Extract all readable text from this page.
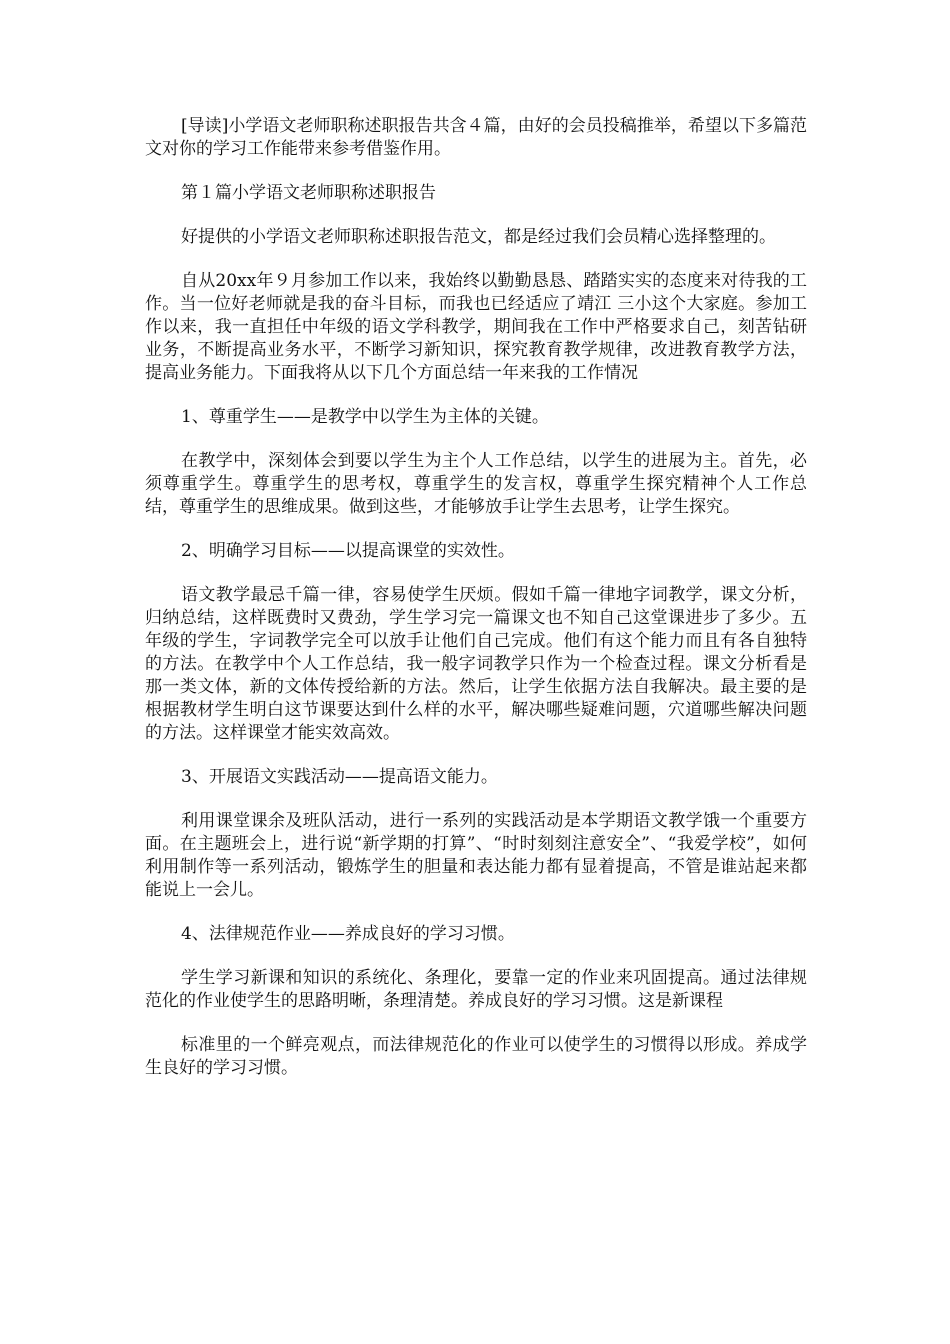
[导读]小学语文老师职称述职报告共含４篇，由好的会员投稿推举，希望以下多篇范文对你的学习工作能带来参考借鉴作用。

第１篇小学语文老师职称述职报告

好提供的小学语文老师职称述职报告范文，都是经过我们会员精心选择整理的。

自从20xx年９月参加工作以来，我始终以勤勤恳恳、踏踏实实的态度来对待我的工作。当一位好老师就是我的奋斗目标，而我也已经适应了靖江 三小这个大家庭。参加工作以来，我一直担任中年级的语文学科教学，期间我在工作中严格要求自己，刻苦钻研业务，不断提高业务水平，不断学习新知识，探究教育教学规律，改进教育教学方法，提高业务能力。下面我将从以下几个方面总结一年来我的工作情况

1、尊重学生——是教学中以学生为主体的关键。

在教学中，深刻体会到要以学生为主个人工作总结，以学生的进展为主。首先，必须尊重学生。尊重学生的思考权，尊重学生的发言权，尊重学生探究精神个人工作总结，尊重学生的思维成果。做到这些，才能够放手让学生去思考，让学生探究。

2、明确学习目标——以提高课堂的实效性。

语文教学最忌千篇一律，容易使学生厌烦。假如千篇一律地字词教学，课文分析，归纳总结，这样既费时又费劲，学生学习完一篇课文也不知自己这堂课进步了多少。五年级的学生，字词教学完全可以放手让他们自己完成。他们有这个能力而且有各自独特的方法。在教学中个人工作总结，我一般字词教学只作为一个检查过程。课文分析看是那一类文体，新的文体传授给新的方法。然后，让学生依据方法自我解决。最主要的是根据教材学生明白这节课要达到什么样的水平，解决哪些疑难问题，穴道哪些解决问题的方法。这样课堂才能实效高效。

3、开展语文实践活动——提高语文能力。

利用课堂课余及班队活动，进行一系列的实践活动是本学期语文教学饿一个重要方面。在主题班会上，进行说“新学期的打算”、“时时刻刻注意安全”、“我爱学校”，如何利用制作等一系列活动，锻炼学生的胆量和表达能力都有显着提高，不管是谁站起来都能说上一会儿。

4、法律规范作业——养成良好的学习习惯。

学生学习新课和知识的系统化、条理化，要靠一定的作业来巩固提高。通过法律规范化的作业使学生的思路明晰，条理清楚。养成良好的学习习惯。这是新课程

标准里的一个鲜亮观点，而法律规范化的作业可以使学生的习惯得以形成。养成学生良好的学习习惯。
